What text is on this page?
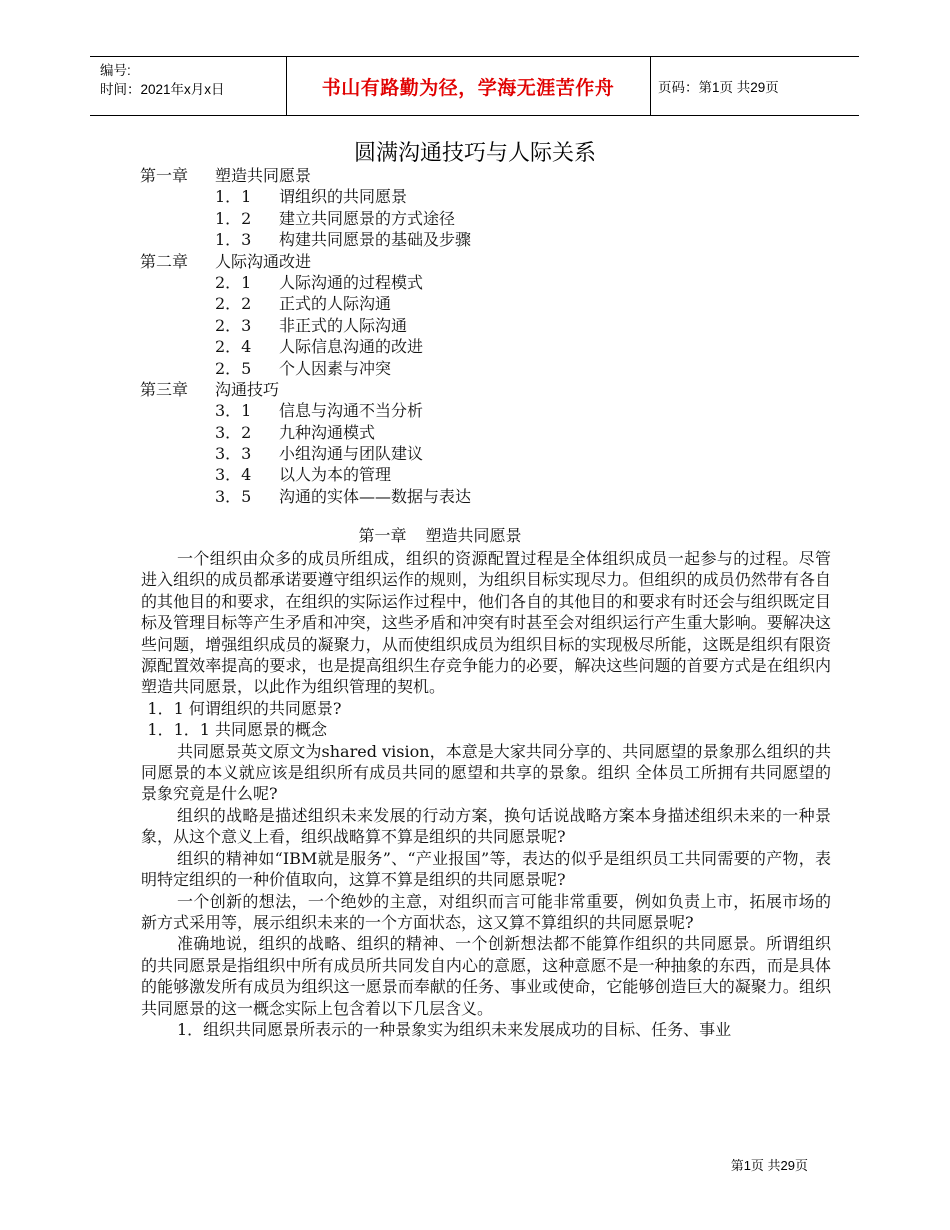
编号:
时间：2021年x月x日	书山有路勤为径，学海无涯苦作舟	页码：第1页 共29页
圆满沟通技巧与人际关系
第一章 塑造共同愿景
1．1 谓组织的共同愿景
1．2 建立共同愿景的方式途径
1．3 构建共同愿景的基础及步骤
第二章 人际沟通改进
2．1 人际沟通的过程模式
2．2 正式的人际沟通
2．3 非正式的人际沟通
2．4 人际信息沟通的改进
2．5 个人因素与冲突
第三章 沟通技巧
3．1 信息与沟通不当分析
3．2 九种沟通模式
3．3 小组沟通与团队建议
3．4 以人为本的管理
3．5 沟通的实体——数据与表达
第一章 塑造共同愿景

一个组织由众多的成员所组成，组织的资源配置过程是全体组织成员一起参与的过程。尽管进入组织的成员都承诺要遵守组织运作的规则，为组织目标实现尽力。但组织的成员仍然带有各自的其他目的和要求，在组织的实际运作过程中，他们各自的其他目的和要求有时还会与组织既定目标及管理目标等产生矛盾和冲突，这些矛盾和冲突有时甚至会对组织运行产生重大影响。要解决这些问题，增强组织成员的凝聚力，从而使组织成员为组织目标的实现极尽所能，这既是组织有限资源配置效率提高的要求，也是提高组织生存竞争能力的必要，解决这些问题的首要方式是在组织内塑造共同愿景，以此作为组织管理的契机。

1．1 何谓组织的共同愿景?

1．1．1 共同愿景的概念

共同愿景英文原文为shared vision，本意是大家共同分享的、共同愿望的景象那么组织的共同愿景的本义就应该是组织所有成员共同的愿望和共享的景象。组织 全体员工所拥有共同愿望的景象究竟是什么呢?

组织的战略是描述组织未来发展的行动方案，换句话说战略方案本身描述组织未来的一种景象，从这个意义上看，组织战略算不算是组织的共同愿景呢?

组织的精神如“IBM就是服务”、“产业报国”等，表达的似乎是组织员工共同需要的产物，表明特定组织的一种价值取向，这算不算是组织的共同愿景呢?

一个创新的想法，一个绝妙的主意，对组织而言可能非常重要，例如负责上市，拓展市场的新方式采用等，展示组织未来的一个方面状态，这又算不算组织的共同愿景呢?

准确地说，组织的战略、组织的精神、一个创新想法都不能算作组织的共同愿景。所谓组织的共同愿景是指组织中所有成员所共同发自内心的意愿，这种意愿不是一种抽象的东西，而是具体的能够激发所有成员为组织这一愿景而奉献的任务、事业或使命，它能够创造巨大的凝聚力。组织共同愿景的这一概念实际上包含着以下几层含义。

1．组织共同愿景所表示的一种景象实为组织未来发展成功的目标、任务、事业

第1页 共29页
